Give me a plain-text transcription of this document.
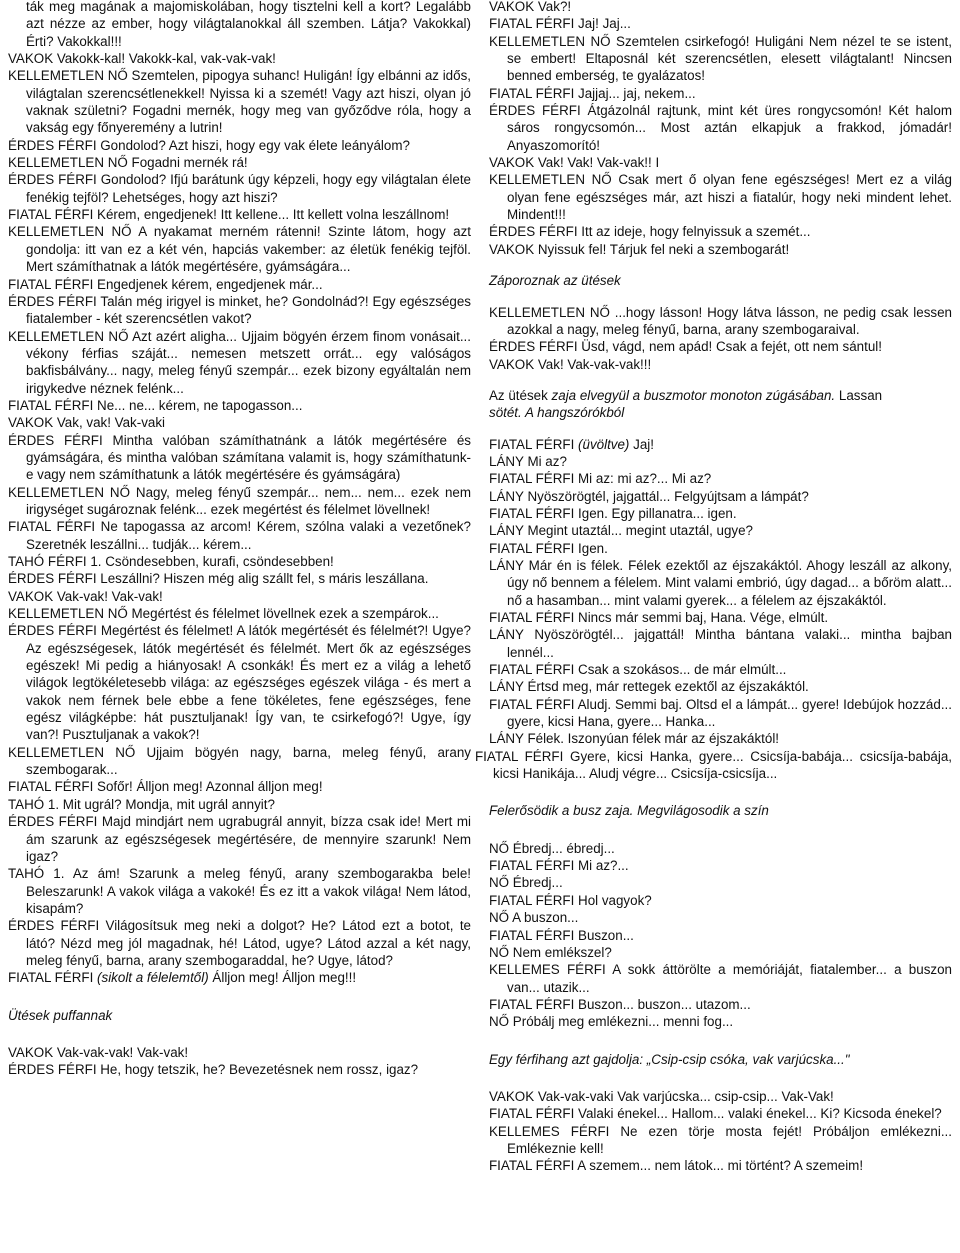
ták meg magának a majomiskolában, hogy tisztelni kell a kort? Legalább azt nézze az ember, hogy világtalanokkal áll szemben. Látja? Vakokkal) Érti? Vakokkal!!!

VAKOK Vakokk-kal! Vakokk-kal, vak-vak-vak!

KELLEMETLEN NŐ Szemtelen, pipogya suhanc! Huligán! Így elbánni az idős, világtalan szerencsétlenekkel! Nyissa ki a szemét! Vagy azt hiszi, olyan jó vaknak születni? Fogadni mernék, hogy meg van győződve róla, hogy a vakság egy főnyeremény a lutrin!

ÉRDES FÉRFI Gondolod? Azt hiszi, hogy egy vak élete leányálom?

KELLEMETLEN NŐ Fogadni mernék rá!

ÉRDES FÉRFI Gondolod? Ifjú barátunk úgy képzeli, hogy egy világtalan élete fenékig tejföl? Lehetséges, hogy azt hiszi?

FIATAL FÉRFI Kérem, engedjenek! Itt kellene... Itt kellett volna leszállnom!

KELLEMETLEN NŐ A nyakamat merném rátenni! Szinte látom, hogy azt gondolja: itt van ez a két vén, hapciás vakember: az életük fenékig tejföl. Mert számíthatnak a látók megértésére, gyámságára...

FIATAL FÉRFI Engedjenek kérem, engedjenek már...

ÉRDES FÉRFI Talán még irigyel is minket, he? Gondolnád?! Egy egészséges fiatalember - két szerencsétlen vakot?

KELLEMETLEN NŐ Azt azért aligha... Ujjaim bögyén érzem finom vonásait... vékony férfias száját... nemesen metszett orrát... egy valóságos bakfisbálvány... nagy, meleg fényű szempár... ezek bizony egyáltalán nem irigykedve néznek felénk...

FIATAL FÉRFI Ne... ne... kérem, ne tapogasson...

VAKOK Vak, vak! Vak-vaki

ÉRDES FÉRFI Mintha valóban számíthatnánk a látók megértésére és gyámságára, és mintha valóban számítana valamit is, hogy számíthatunk-e vagy nem számíthatunk a látók megértésére és gyámságára)

KELLEMETLEN NŐ Nagy, meleg fényű szempár... nem... nem... ezek nem irigységet sugároznak felénk... ezek megértést és félelmet lövellnek!

FIATAL FÉRFI Ne tapogassa az arcom! Kérem, szólna valaki a vezetőnek? Szeretnék leszállni... tudják... kérem...

TAHÓ FÉRFI 1. Csöndesebben, kurafi, csöndesebben!

ÉRDES FÉRFI Leszállni? Hiszen még alig szállt fel, s máris leszállana.

VAKOK Vak-vak! Vak-vak!

KELLEMETLEN NŐ Megértést és félelmet lövellnek ezek a szempárok...

ÉRDES FÉRFI Megértést és félelmet! A látók megértését és félelmét?! Ugye? Az egészségesek, látók megértését és félelmét. Mert ők az egészséges egészek! Mi pedig a hiányosak! A csonkák! És mert ez a világ a lehető világok legtökéletesebb világa: az egészséges egészek világa - és mert a vakok nem férnek bele ebbe a fene tökéletes, fene egészséges, fene egész világképbe: hát pusztuljanak! Így van, te csirkefogó?! Ugye, így van?! Pusztuljanak a vakok?!

KELLEMETLEN NŐ Ujjaim bögyén nagy, barna, meleg fényű, arany szembogarak...

FIATAL FÉRFI Sofőr! Álljon meg! Azonnal álljon meg!

TAHÓ 1. Mit ugrál? Mondja, mit ugrál annyit?

ÉRDES FÉRFI Majd mindjárt nem ugrabugrál annyit, bízza csak ide! Mert mi ám szarunk az egészségesek megértésére, de mennyire szarunk! Nem igaz?

TAHÓ 1. Az ám! Szarunk a meleg fényű, arany szembogarakba bele! Beleszarunk! A vakok világa a vakoké! És ez itt a vakok világa! Nem látod, kisapám?

ÉRDES FÉRFI Világosítsuk meg neki a dolgot? He? Látod ezt a botot, te látó? Nézd meg jól magadnak, hé! Látod, ugye? Látod azzal a két nagy, meleg fényű, barna, arany szembogaraddal, he? Ugye, látod?

FIATAL FÉRFI (sikolt a félelemtől) Álljon meg! Álljon meg!!!

Ütések puffannak

VAKOK Vak-vak-vak! Vak-vak!

ÉRDES FÉRFI He, hogy tetszik, he? Bevezetésnek nem rossz, igaz?

VAKOK Vak?!

FIATAL FÉRFI Jaj! Jaj...

KELLEMETLEN NŐ Szemtelen csirkefogó! Huligáni Nem nézel te se istent, se embert! Eltaposnál két szerencsétlen, elesett világtalant! Nincsen benned emberség, te gyalázatos!

FIATAL FÉRFI Jajjaj... jaj, nekem...

ÉRDES FÉRFI Átgázolnál rajtunk, mint két üres rongycsomón! Két halom sáros rongycsomón... Most aztán elkapjuk a frakkod, jómadár! Anyaszomorító!

VAKOK Vak! Vak! Vak-vak!! I

KELLEMETLEN NŐ Csak mert ő olyan fene egészséges! Mert ez a világ olyan fene egészséges már, azt hiszi a fiatalúr, hogy neki mindent lehet. Mindent!!!

ÉRDES FÉRFI Itt az ideje, hogy felnyissuk a szemét...

VAKOK Nyissuk fel! Tárjuk fel neki a szembogarát!

Záporoznak az ütések

KELLEMETLEN NŐ ...hogy lásson! Hogy látva lásson, ne pedig csak lessen azokkal a nagy, meleg fényű, barna, arany szembogaraival.

ÉRDES FÉRFI Üsd, vágd, nem apád! Csak a fejét, ott nem sántul!

VAKOK Vak! Vak-vak-vak!!!

Az ütések zaja elvegyül a buszmotor monoton zúgásában. Lassan
sötét. A hangszórókból

FIATAL FÉRFI (üvöltve) Jaj!

LÁNY Mi az?

FIATAL FÉRFI Mi az: mi az?... Mi az?

LÁNY Nyöszörögtél, jajgattál... Felgyújtsam a lámpát?

FIATAL FÉRFI Igen. Egy pillanatra... igen.

LÁNY Megint utaztál... megint utaztál, ugye?

FIATAL FÉRFI Igen.

LÁNY Már én is félek. Félek ezektől az éjszakáktól. Ahogy leszáll az alkony, úgy nő bennem a félelem. Mint valami embrió, úgy dagad... a bőröm alatt... nő a hasamban... mint valami gyerek... a félelem az éjszakáktól.

FIATAL FÉRFI Nincs már semmi baj, Hana. Vége, elmúlt.

LÁNY Nyöszörögtél... jajgattál! Mintha bántana valaki... mintha bajban lennél...

FIATAL FÉRFI Csak a szokásos... de már elmúlt...

LÁNY Értsd meg, már rettegek ezektől az éjszakáktól.

FIATAL FÉRFI Aludj. Semmi baj. Oltsd el a lámpát... gyere! Idebújok hozzád... gyere, kicsi Hana, gyere... Hanka...

LÁNY Félek. Iszonyúan félek már az éjszakáktól!

FIATAL FÉRFI Gyere, kicsi Hanka, gyere... Csicsíja-babája... csicsíja-babája, kicsi Hanikája... Aludj végre... Csicsíja-csicsíja...

Felerősödik a busz zaja. Megvilágosodik a szín

NŐ Ébredj... ébredj...

FIATAL FÉRFI Mi az?...

NŐ Ébredj...

FIATAL FÉRFI Hol vagyok?

NŐ A buszon...

FIATAL FÉRFI Buszon...

NŐ Nem emlékszel?

KELLEMES FÉRFI A sokk áttörölte a memóriáját, fiatalember... a buszon van... utazik...

FIATAL FÉRFI Buszon... buszon... utazom...

NŐ Próbálj meg emlékezni... menni fog...

Egy férfihang azt gajdolja: „Csip-csip csóka, vak varjúcska..."

VAKOK Vak-vak-vaki Vak varjúcska... csip-csip... Vak-Vak!

FIATAL FÉRFI Valaki énekel... Hallom... valaki énekel... Ki? Kicsoda énekel?

KELLEMES FÉRFI Ne ezen törje mosta fejét! Próbáljon emlékezni... Emlékeznie kell!

FIATAL FÉRFI A szemem... nem látok... mi történt? A szemeim!
